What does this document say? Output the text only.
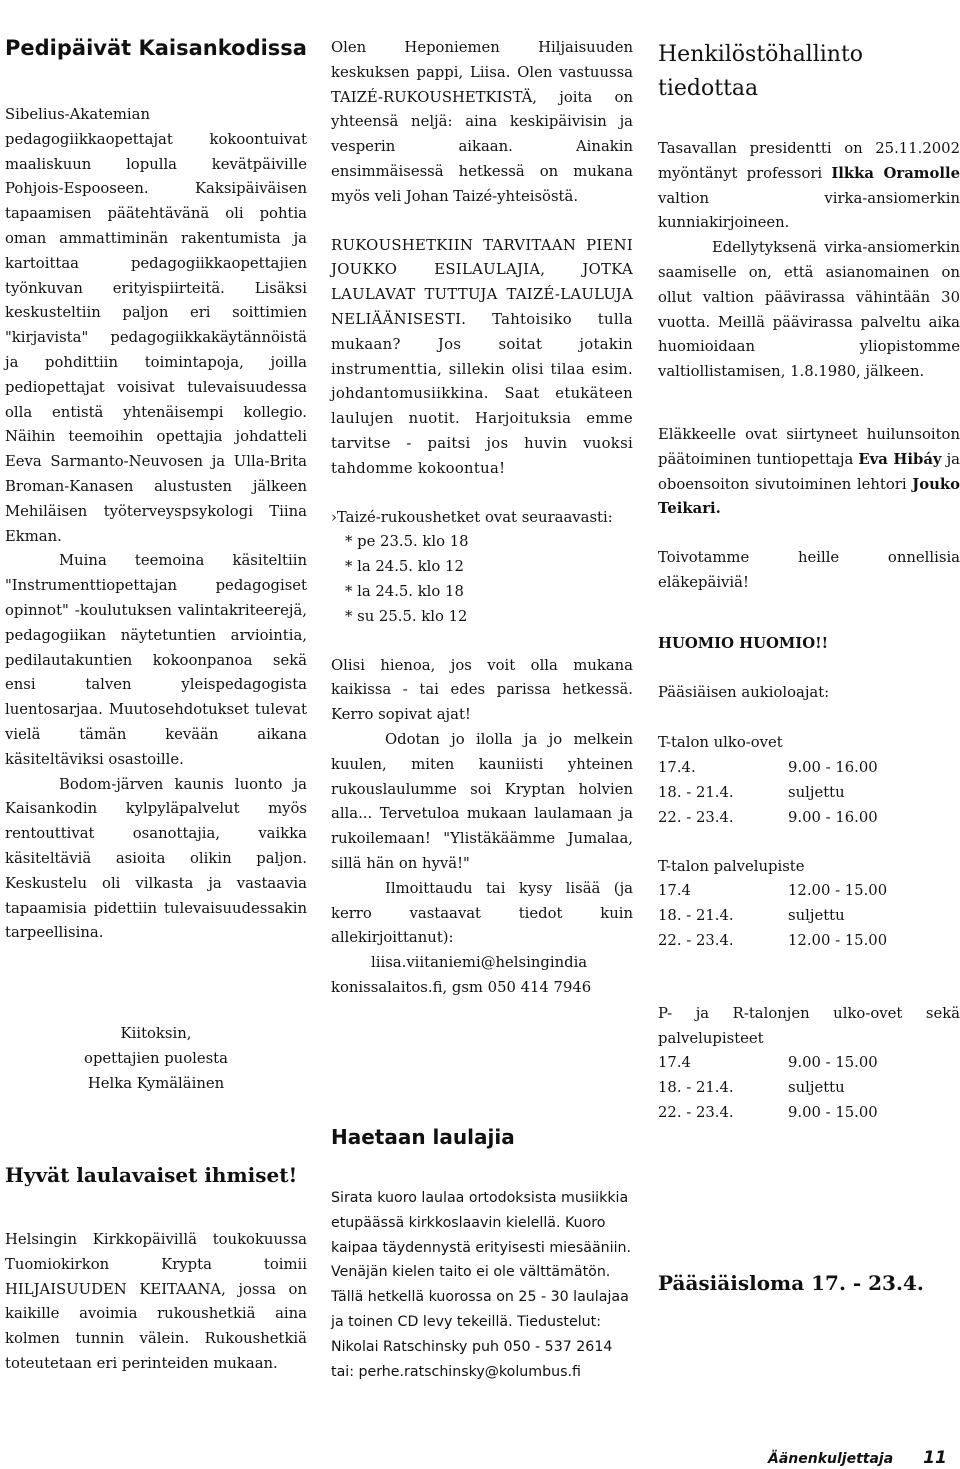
Pedipäivät Kaisankodissa

Sibelius-Akatemian pedagogiikkaopettajat kokoontuivat maaliskuun lopulla kevätpäiville Pohjois-Espooseen. Kaksipäiväisen tapaamisen päätehtävänä oli pohtia oman ammattiminän rakentumista ja kartoittaa pedagogiikkaopettajien työnkuvan erityispiirteitä. Lisäksi keskusteltiin paljon eri soittimien "kirjavista" pedagogiikkakäytännöistä ja pohdittiin toimintapoja, joilla pediopettajat voisivat tulevaisuudessa olla entistä yhtenäisempi kollegio. Näihin teemoihin opettajia johdatteli Eeva Sarmanto-Neuvosen ja Ulla-Brita Broman-Kanasen alustusten jälkeen Mehiläisen työterveyspsykologi Tiina Ekman.

Muina teemoina käsiteltiin "Instrumenttiopettajan pedagogiset opinnot" -koulutuksen valintakriteerejä, pedagogiikan näytetuntien arviointia, pedilautakuntien kokoonpanoa sekä ensi talven yleispedagogista luentosarjaa. Muutosehdotukset tulevat vielä tämän kevään aikana käsiteltäviksi osastoille.

Bodom-järven kaunis luonto ja Kaisankodin kylpyläpalvelut myös rentouttivat osanottajia, vaikka käsiteltäviä asioita olikin paljon. Keskustelu oli vilkasta ja vastaavia tapaamisia pidettiin tulevaisuudessakin tarpeellisina.

Kiitoksin,

opettajien puolesta

Helka Kymäläinen

Hyvät laulavaiset ihmiset!

Helsingin Kirkkopäivillä toukokuussa Tuomiokirkon Krypta toimii HILJAISUUDEN KEITAANA, jossa on kaikille avoimia rukoushetkiä aina kolmen tunnin välein. Rukoushetkiä toteutetaan eri perinteiden mukaan.

Olen Heponiemen Hiljaisuuden keskuksen pappi, Liisa. Olen vastuussa TAIZÉ-RUKOUSHETKISTÄ, joita on yhteensä neljä: aina keskipäivisin ja vesperin aikaan. Ainakin ensimmäisessä hetkessä on mukana myös veli Johan Taizé-yhteisöstä.

RUKOUSHETKIIN TARVITAAN PIENI JOUKKO ESILAULAJIA, JOTKA LAULAVAT TUTTUJA TAIZÉ-LAULUJA NELIÄÄNISESTI. Tahtoisiko tulla mukaan? Jos soitat jotakin instrumenttia, sillekin olisi tilaa esim. johdantomusiikkina. Saat etukäteen laulujen nuotit. Harjoituksia emme tarvitse - paitsi jos huvin vuoksi tahdomme kokoontua!

›Taizé-rukoushetket ovat seuraavasti:

* pe 23.5. klo 18

* la 24.5. klo 12

* la 24.5. klo 18

* su 25.5. klo 12

Olisi hienoa, jos voit olla mukana kaikissa - tai edes parissa hetkessä. Kerro sopivat ajat!

Odotan jo ilolla ja jo melkein kuulen, miten kauniisti yhteinen rukouslaulumme soi Kryptan holvien alla... Tervetuloa mukaan laulamaan ja rukoilemaan! "Ylistäkäämme Jumalaa, sillä hän on hyvä!"

Ilmoittaudu tai kysy lisää (ja kerro vastaavat tiedot kuin allekirjoittanut):

liisa.viitaniemi@helsingindia

konissalaitos.fi, gsm 050 414 7946

Haetaan laulajia

Sirata kuoro laulaa ortodoksista musiikkia etupäässä kirkkoslaavin kielellä. Kuoro kaipaa täydennystä erityisesti miesääniin. Venäjän kielen taito ei ole välttämätön. Tällä hetkellä kuorossa on 25 - 30 laulajaa ja toinen CD levy tekeillä. Tiedustelut: Nikolai Ratschinsky puh 050 - 537 2614

tai: perhe.ratschinsky@kolumbus.fi

Henkilöstöhallinto tiedottaa

Tasavallan presidentti on 25.11.2002 myöntänyt professori Ilkka Oramolle valtion virka-ansiomerkin kunniakirjoineen.

Edellytyksenä virka-ansiomerkin saamiselle on, että asianomainen on ollut valtion päävirassa vähintään 30 vuotta. Meillä päävirassa palveltu aika huomioidaan yliopistomme valtiollistamisen, 1.8.1980, jälkeen.

Eläkkeelle ovat siirtyneet huilunsoiton päätoiminen tuntiopettaja Eva Hibáy ja oboensoiton sivutoiminen lehtori Jouko Teikari.

Toivotamme heille onnellisia eläkepäiviä!

HUOMIO HUOMIO!!

Pääsiäisen aukioloajat:

T-talon ulko-ovet

17.4.	9.00 - 16.00
18. - 21.4.	suljettu
22. - 23.4.	9.00 - 16.00

T-talon palvelupiste

17.4	12.00 - 15.00
18. - 21.4.	suljettu
22. - 23.4.	12.00 - 15.00

P- ja R-talonjen ulko-ovet sekä palvelupisteet

17.4	9.00 - 15.00
18. - 21.4.	suljettu
22. - 23.4.	9.00 - 15.00
Pääsiäisloma 17. - 23.4.
Äänenkuljettaja 11
